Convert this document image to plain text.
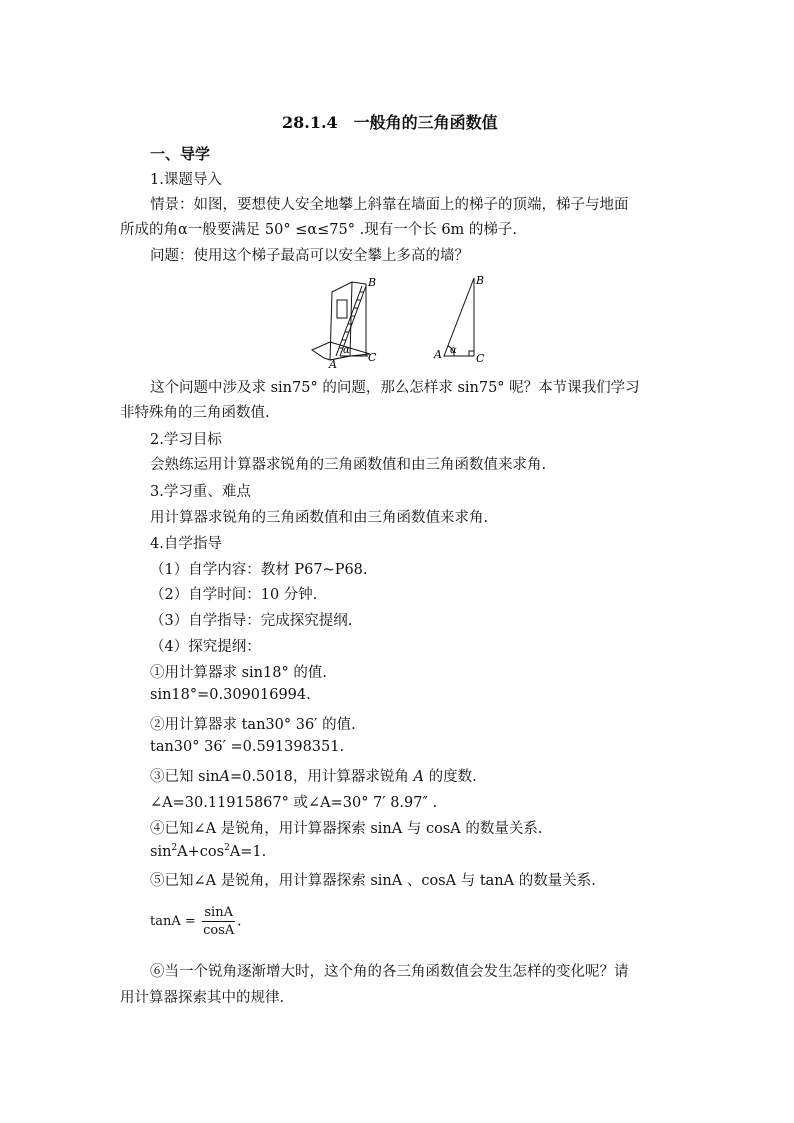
28.1.4　一般角的三角函数值
一、导学
1.课题导入
情景：如图，要想使人安全地攀上斜靠在墙面上的梯子的顶端，梯子与地面
所成的角α一般要满足 50° ≤α≤75° .现有一个长 6m 的梯子.
问题：使用这个梯子最高可以安全攀上多高的墙？
B
C
A
α
B
C
A α
这个问题中涉及求 sin75° 的问题，那么怎样求 sin75° 呢？本节课我们学习
非特殊角的三角函数值.
2.学习目标
会熟练运用计算器求锐角的三角函数值和由三角函数值来求角.
3.学习重、难点
用计算器求锐角的三角函数值和由三角函数值来求角.
4.自学指导
（1）自学内容：教材 P67~P68.
（2）自学时间：10 分钟.
（3）自学指导：完成探究提纲.
（4）探究提纲：
①用计算器求 sin18° 的值.
sin18°=0.309016994.
②用计算器求 tan30° 36′ 的值.
tan30° 36′ =0.591398351.
③已知 sinA=0.5018，用计算器求锐角 A 的度数.
∠A=30.11915867° 或∠A=30° 7′ 8.97″ .
④已知∠A 是锐角，用计算器探索 sinA 与 cosA 的数量关系.
$\sin^2A+\cos^2A=1$.
⑤已知∠A 是锐角，用计算器探索 sinA 、cosA 与 tanA 的数量关系.
$\tan A = \frac{\sin A}{\cos A}$ .
⑥当一个锐角逐渐增大时，这个角的各三角函数值会发生怎样的变化呢？请
用计算器探索其中的规律.
